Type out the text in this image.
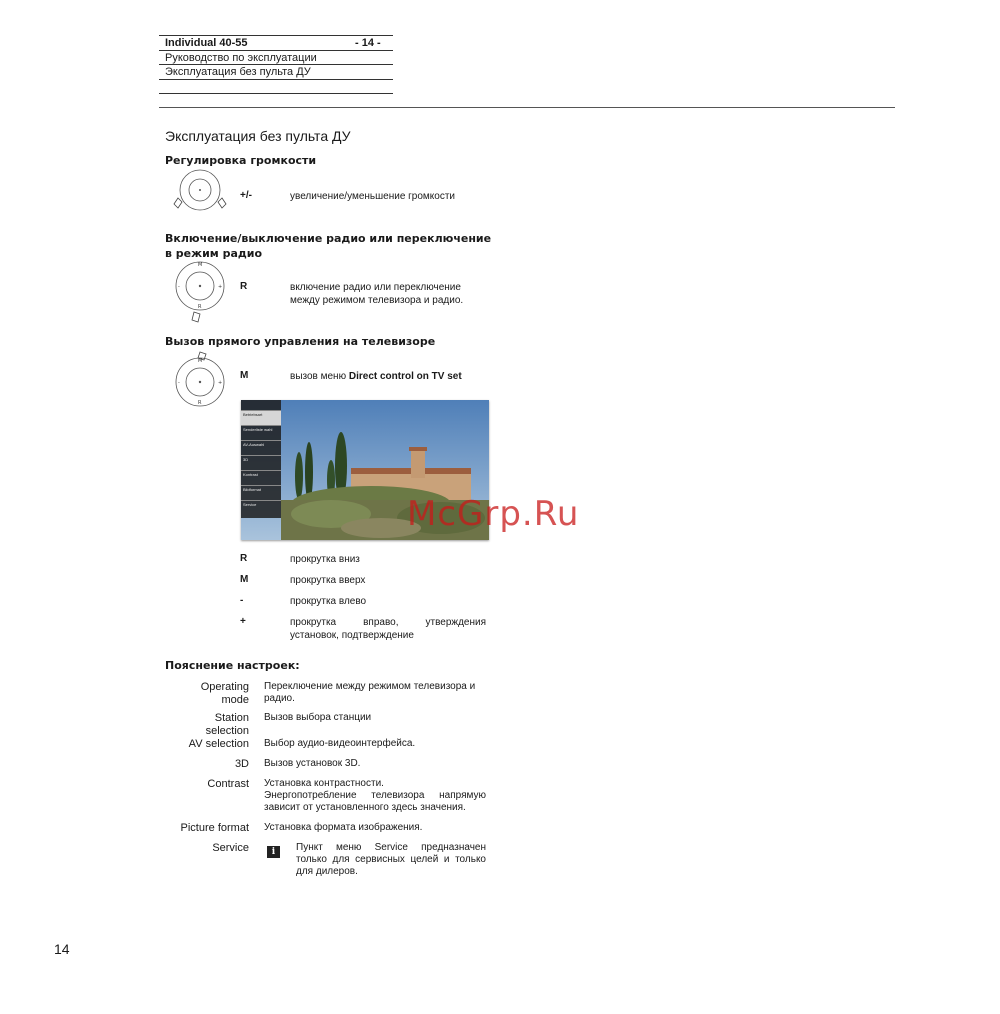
Individual 40-55	- 14 -
Руководство по эксплуатации
Эксплуатация без пульта ДУ
Эксплуатация без пульта ДУ
Регулировка громкости
+/-	увеличение/уменьшение громкости
Включение/выключение радио или переключение
в режим радио
M
R
-	+ R	включение радио или переключение
между режимом телевизора и радио.
Вызов прямого управления на телевизоре
M
R
-	+
M	вызов меню Direct control on TV set
Betriebsart
Senderliste wahl
AV-Auswahl
3D
Kontrast
Bildformat
Service	McGrp.Ru
R	прокрутка вниз
M	прокрутка вверх
-	прокрутка влево
+	прокрутка вправо, утверждения установок, подтверждение
Пояснение настроек:
Operating
mode
Переключение между режимом телевизора и радио.
Station
selection
Вызов выбора станции
AV selection Выбор аудио-видеоинтерфейса.
3D Вызов установок 3D.
Contrast Установка контрастности.
Энергопотребление телевизора напрямую зависит от установленного здесь значения.
Picture format Установка формата изображения.
Service	i	Пункт меню Service предназначен только для сервисных целей и только для дилеров.
14
